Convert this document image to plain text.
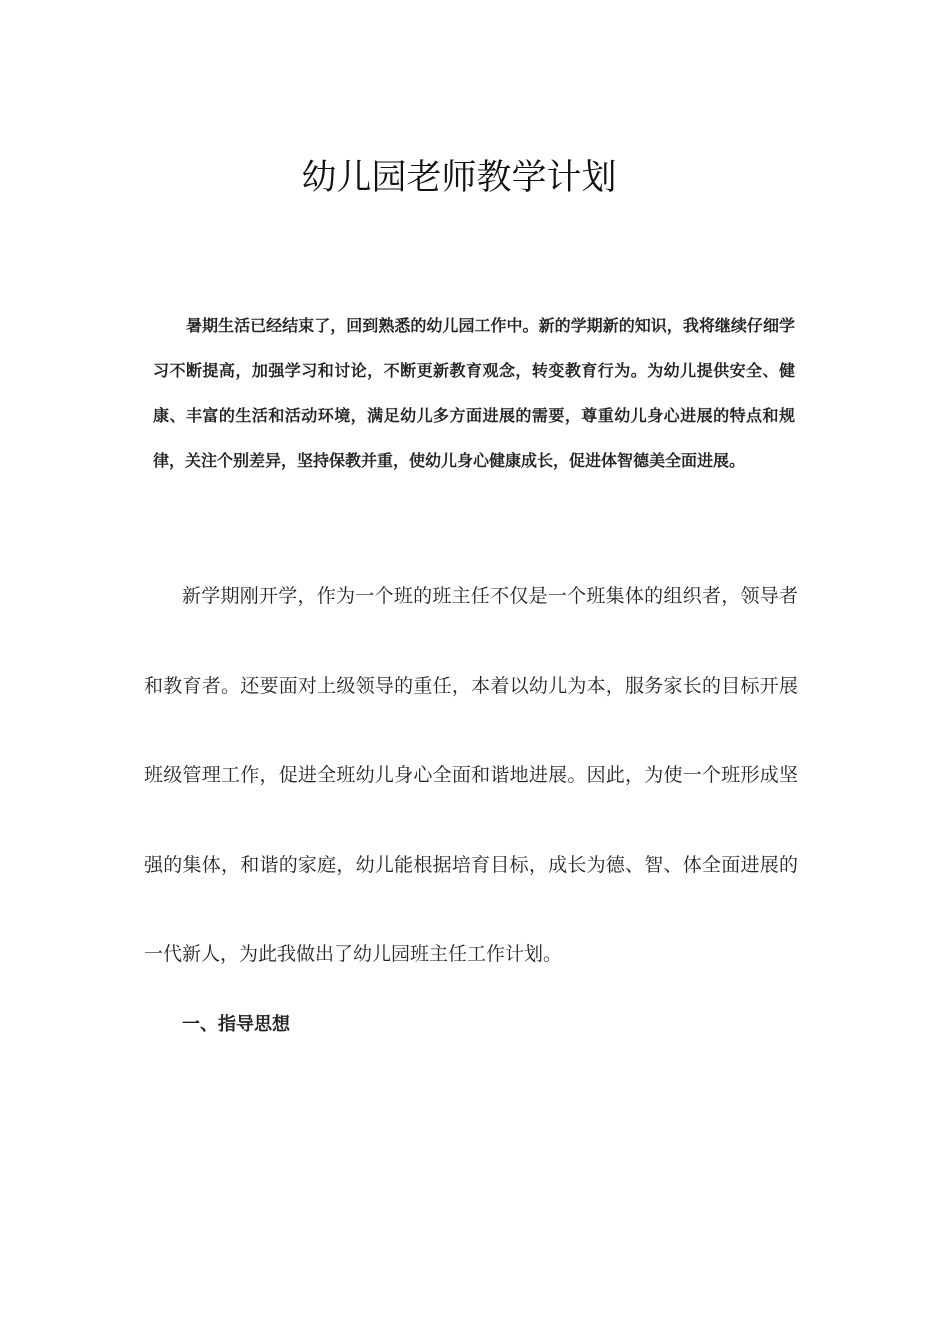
幼儿园老师教学计划

暑期生活已经结束了，回到熟悉的幼儿园工作中。新的学期新的知识，我将继续仔细学习不断提高，加强学习和讨论，不断更新教育观念，转变教育行为。为幼儿提供安全、健康、丰富的生活和活动环境，满足幼儿多方面进展的需要，尊重幼儿身心进展的特点和规律，关注个别差异，坚持保教并重，使幼儿身心健康成长，促进体智德美全面进展。

新学期刚开学，作为一个班的班主任不仅是一个班集体的组织者，领导者和教育者。还要面对上级领导的重任，本着以幼儿为本，服务家长的目标开展班级管理工作，促进全班幼儿身心全面和谐地进展。因此，为使一个班形成坚强的集体，和谐的家庭，幼儿能根据培育目标，成长为德、智、体全面进展的一代新人，为此我做出了幼儿园班主任工作计划。

一、指导思想
